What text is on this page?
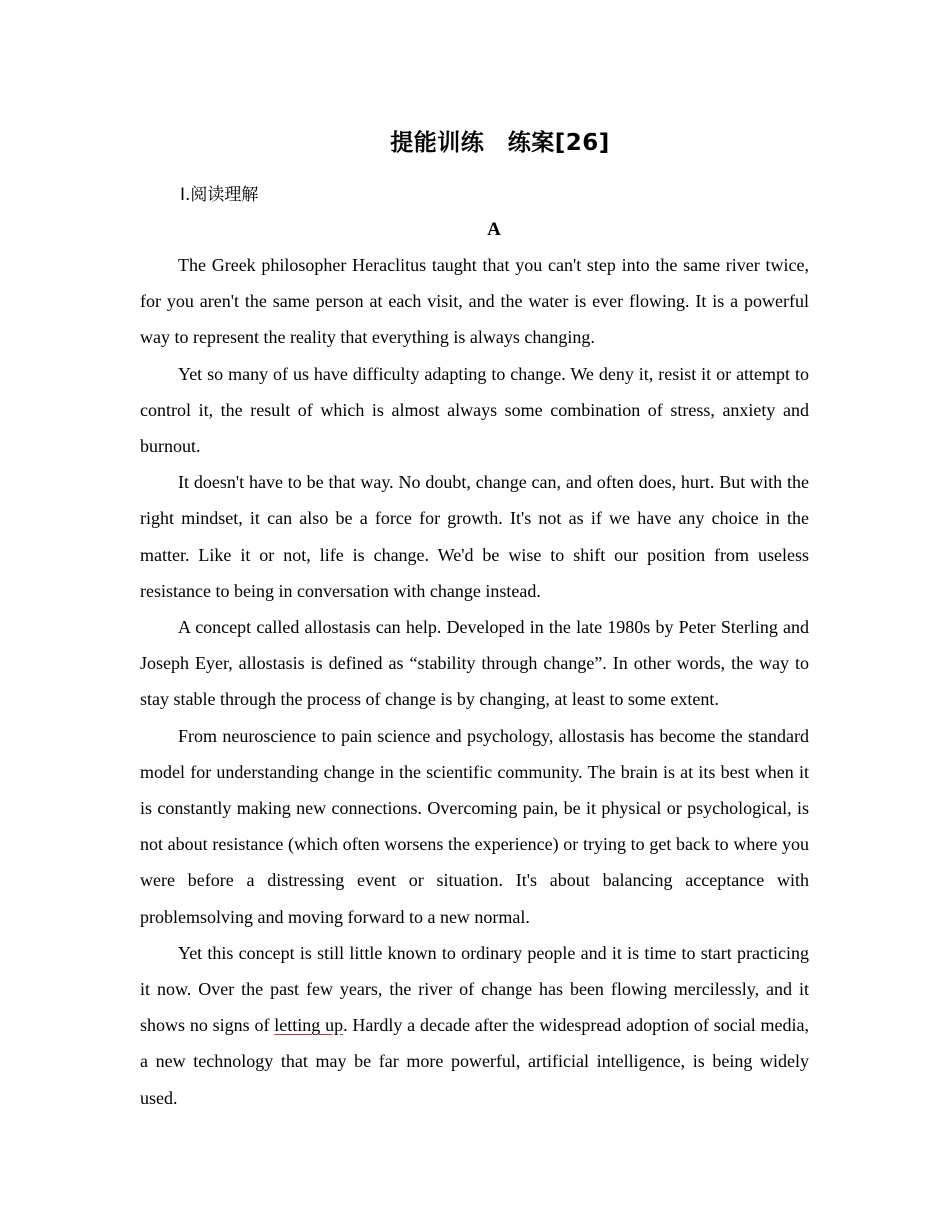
提能训练　练案[26]
Ⅰ.阅读理解
A

The Greek philosopher Heraclitus taught that you can't step into the same river twice, for you aren't the same person at each visit, and the water is ever flowing. It is a powerful way to represent the reality that everything is always changing.

Yet so many of us have difficulty adapting to change. We deny it, resist it or attempt to control it, the result of which is almost always some combination of stress, anxiety and burnout.

It doesn't have to be that way. No doubt, change can, and often does, hurt. But with the right mindset, it can also be a force for growth. It's not as if we have any choice in the matter. Like it or not, life is change. We'd be wise to shift our position from useless resistance to being in conversation with change instead.

A concept called allostasis can help. Developed in the late 1980s by Peter Sterling and Joseph Eyer, allostasis is defined as “stability through change”. In other words, the way to stay stable through the process of change is by changing, at least to some extent.

From neuroscience to pain science and psychology, allostasis has become the standard model for understanding change in the scientific community. The brain is at its best when it is constantly making new connections. Overcoming pain, be it physical or psychological, is not about resistance (which often worsens the experience) or trying to get back to where you were before a distressing event or situation. It's about balancing acceptance with problemsolving and moving forward to a new normal.

Yet this concept is still little known to ordinary people and it is time to start practicing it now. Over the past few years, the river of change has been flowing mercilessly, and it shows no signs of letting up. Hardly a decade after the widespread adoption of social media, a new technology that may be far more powerful, artificial intelligence, is being widely used.
